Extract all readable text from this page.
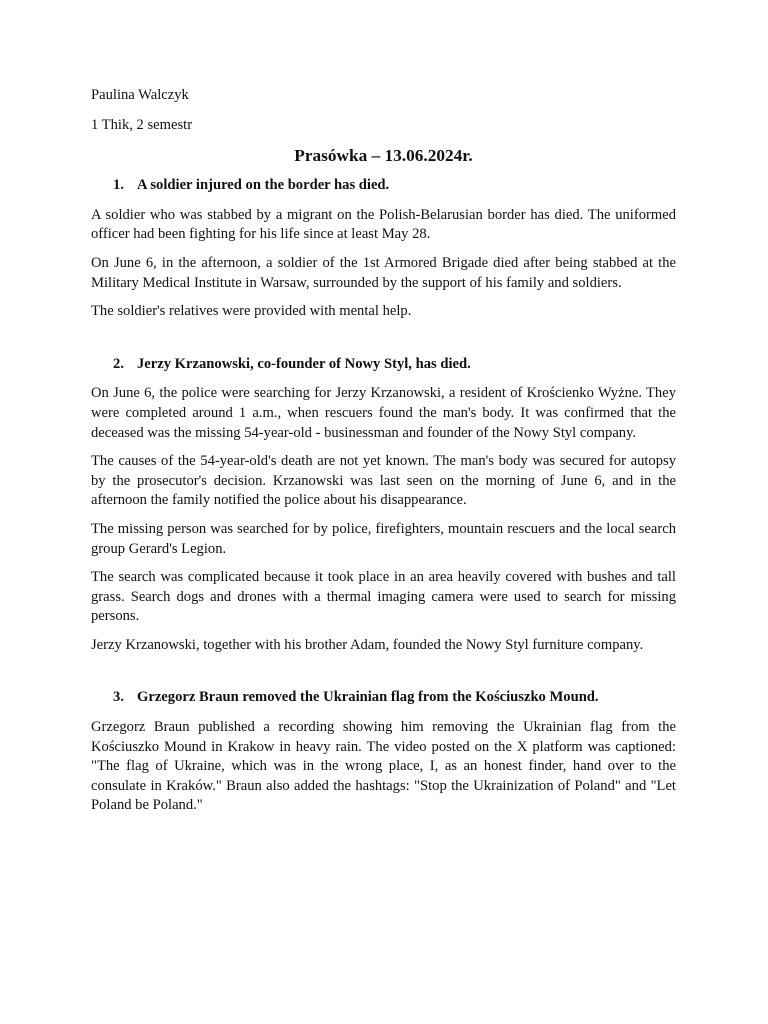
Paulina Walczyk

1 Thik, 2 semestr

Prasówka – 13.06.2024r.

1. A soldier injured on the border has died.

A soldier who was stabbed by a migrant on the Polish-Belarusian border has died. The uniformed officer had been fighting for his life since at least May 28.

On June 6, in the afternoon, a soldier of the 1st Armored Brigade died after being stabbed at the Military Medical Institute in Warsaw, surrounded by the support of his family and soldiers.

The soldier's relatives were provided with mental help.

2. Jerzy Krzanowski, co-founder of Nowy Styl, has died.

On June 6, the police were searching for Jerzy Krzanowski, a resident of Krościenko Wyżne. They were completed around 1 a.m., when rescuers found the man's body. It was confirmed that the deceased was the missing 54-year-old - businessman and founder of the Nowy Styl company.

The causes of the 54-year-old's death are not yet known. The man's body was secured for autopsy by the prosecutor's decision. Krzanowski was last seen on the morning of June 6, and in the afternoon the family notified the police about his disappearance.

The missing person was searched for by police, firefighters, mountain rescuers and the local search group Gerard's Legion.

The search was complicated because it took place in an area heavily covered with bushes and tall grass. Search dogs and drones with a thermal imaging camera were used to search for missing persons.

Jerzy Krzanowski, together with his brother Adam, founded the Nowy Styl furniture company.

3. Grzegorz Braun removed the Ukrainian flag from the Kościuszko Mound.

Grzegorz Braun published a recording showing him removing the Ukrainian flag from the Kościuszko Mound in Krakow in heavy rain. The video posted on the X platform was captioned: "The flag of Ukraine, which was in the wrong place, I, as an honest finder, hand over to the consulate in Kraków." Braun also added the hashtags: "Stop the Ukrainization of Poland" and "Let Poland be Poland."
